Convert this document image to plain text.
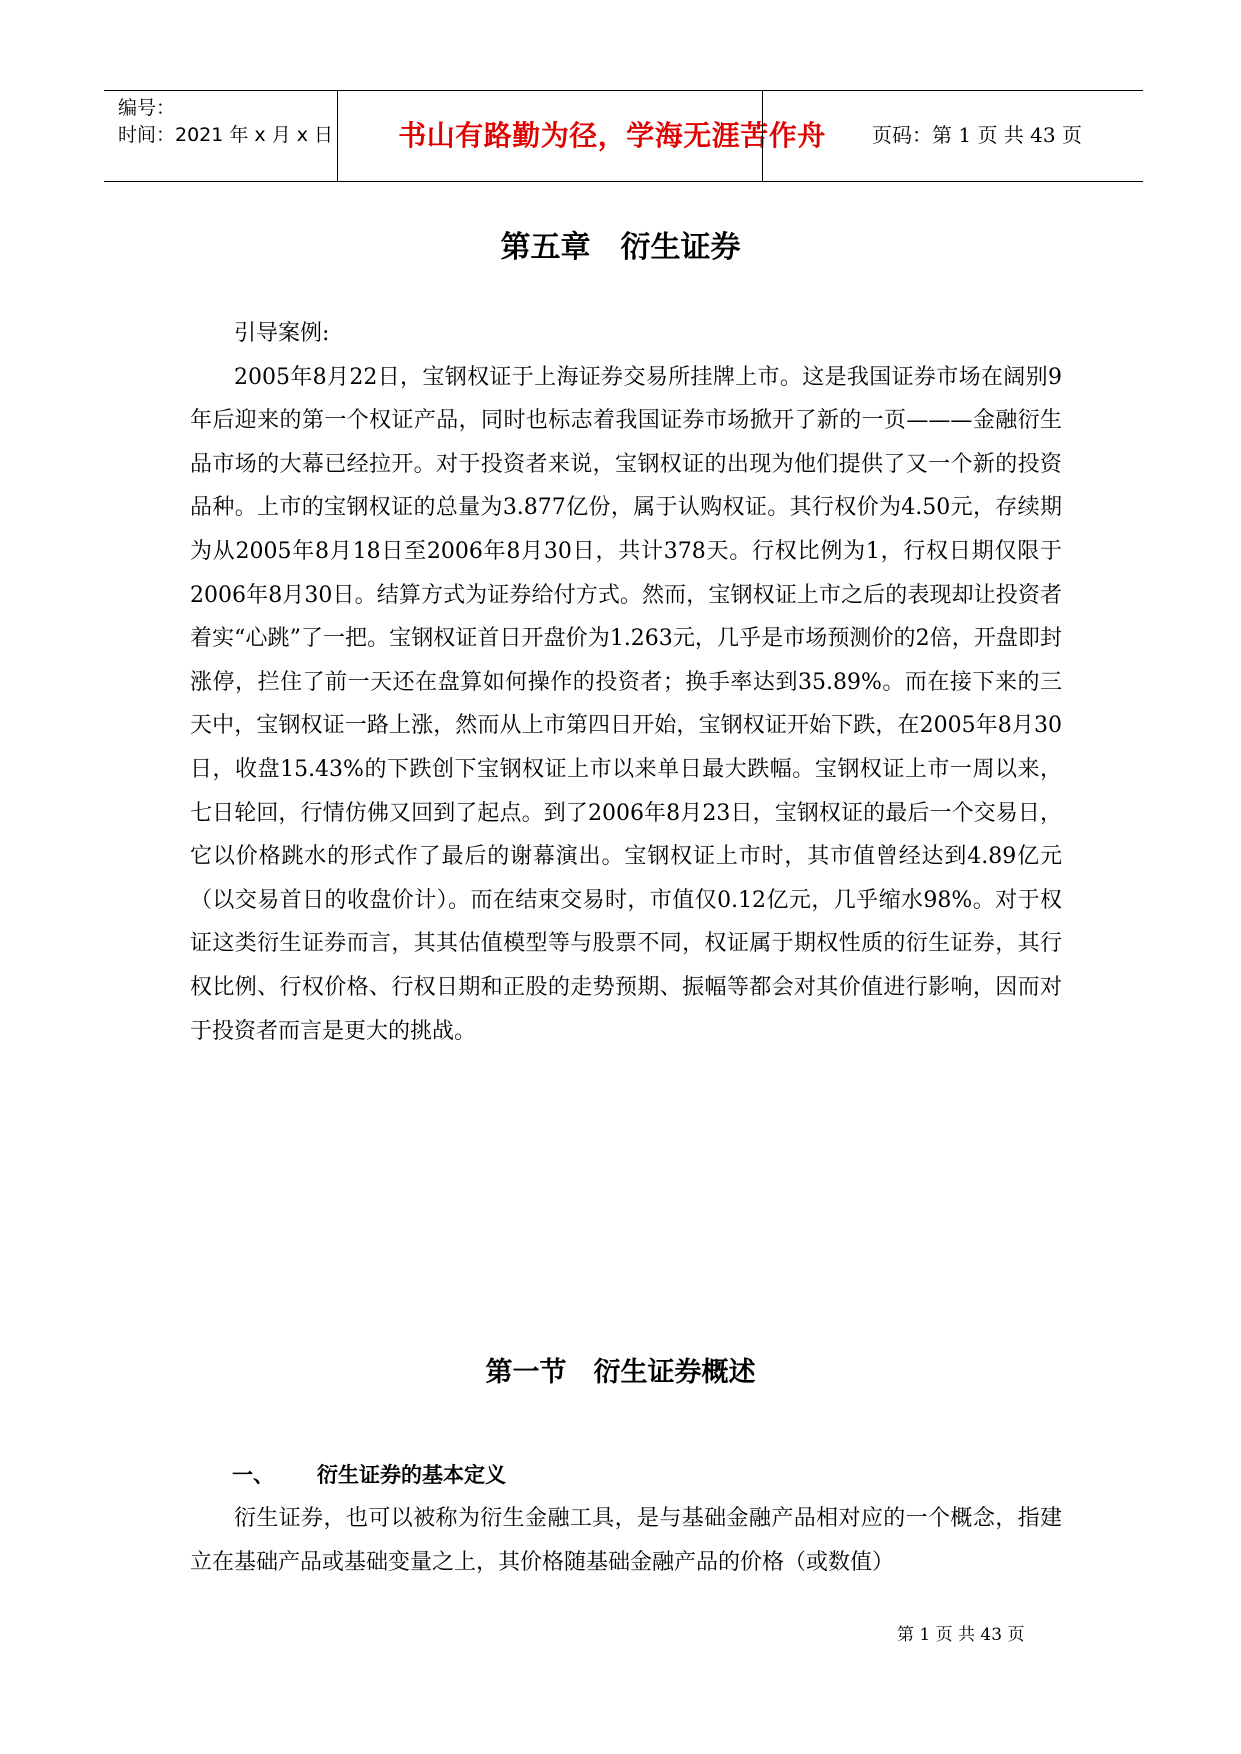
编号：
时间：2021 年 x 月 x 日	书山有路勤为径，学海无涯苦作舟	页码：第 1 页 共 43 页
第五章　衍生证券

引导案例:

2005年8月22日，宝钢权证于上海证券交易所挂牌上市。这是我国证券市场在阔别9年后迎来的第一个权证产品，同时也标志着我国证券市场掀开了新的一页———金融衍生品市场的大幕已经拉开。对于投资者来说，宝钢权证的出现为他们提供了又一个新的投资品种。上市的宝钢权证的总量为3.877亿份，属于认购权证。其行权价为4.50元，存续期为从2005年8月18日至2006年8月30日，共计378天。行权比例为1，行权日期仅限于2006年8月30日。结算方式为证券给付方式。然而，宝钢权证上市之后的表现却让投资者着实“心跳”了一把。宝钢权证首日开盘价为1.263元，几乎是市场预测价的2倍，开盘即封涨停，拦住了前一天还在盘算如何操作的投资者；换手率达到35.89%。而在接下来的三天中，宝钢权证一路上涨，然而从上市第四日开始，宝钢权证开始下跌，在2005年8月30日，收盘15.43%的下跌创下宝钢权证上市以来单日最大跌幅。宝钢权证上市一周以来，七日轮回，行情仿佛又回到了起点。到了2006年8月23日，宝钢权证的最后一个交易日，它以价格跳水的形式作了最后的谢幕演出。宝钢权证上市时，其市值曾经达到4.89亿元（以交易首日的收盘价计）。而在结束交易时，市值仅0.12亿元，几乎缩水98%。对于权证这类衍生证券而言，其其估值模型等与股票不同，权证属于期权性质的衍生证券，其行权比例、行权价格、行权日期和正股的走势预期、振幅等都会对其价值进行影响，因而对于投资者而言是更大的挑战。

第一节　衍生证券概述
一、 衍生证券的基本定义

衍生证券，也可以被称为衍生金融工具，是与基础金融产品相对应的一个概念，指建立在基础产品或基础变量之上，其价格随基础金融产品的价格（或数值）

第 1 页 共 43 页
